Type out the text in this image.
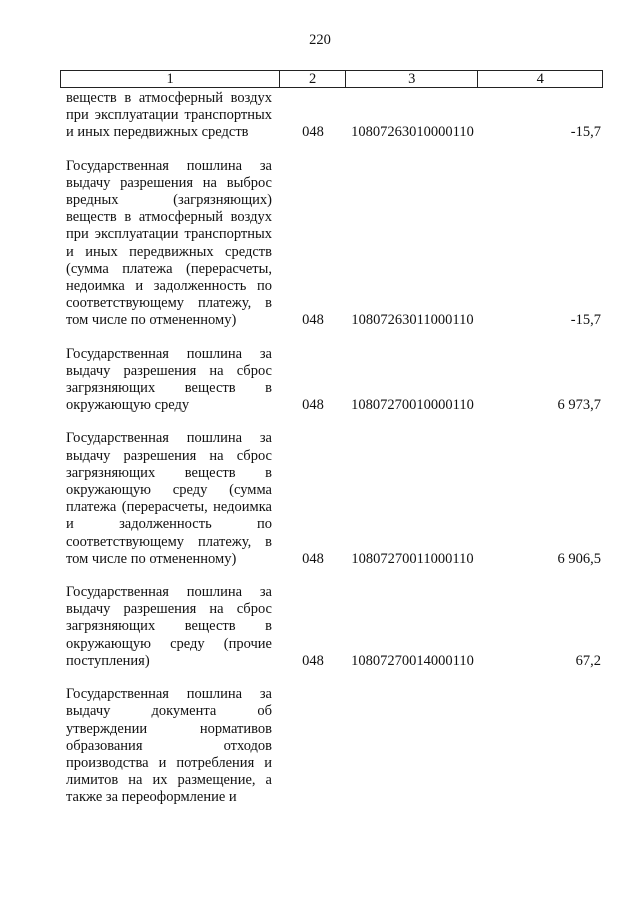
220
1	2	3	4
веществ в атмосферный воздух при эксплуатации транспортных и иных передвижных средств	048	10807263010000110	-15,7
Государственная пошлина за выдачу разрешения на выброс вредных (загрязняющих) веществ в атмосферный воздух при эксплуатации транспортных и иных передвижных средств (сумма платежа (перерасчеты, недоимка и задолженность по соответствующему платежу, в том числе по отмененному)	048	10807263011000110	-15,7
Государственная пошлина за выдачу разрешения на сброс загрязняющих веществ в окружающую среду	048	10807270010000110	6 973,7
Государственная пошлина за выдачу разрешения на сброс загрязняющих веществ в окружающую среду (сумма платежа (перерасчеты, недоимка и задолженность по соответствующему платежу, в том числе по отмененному)	048	10807270011000110	6 906,5
Государственная пошлина за выдачу разрешения на сброс загрязняющих веществ в окружающую среду (прочие поступления)	048	10807270014000110	67,2
Государственная пошлина за выдачу документа об утверждении нормативов образования отходов производства и потребления и лимитов на их размещение, а также за переоформление и
